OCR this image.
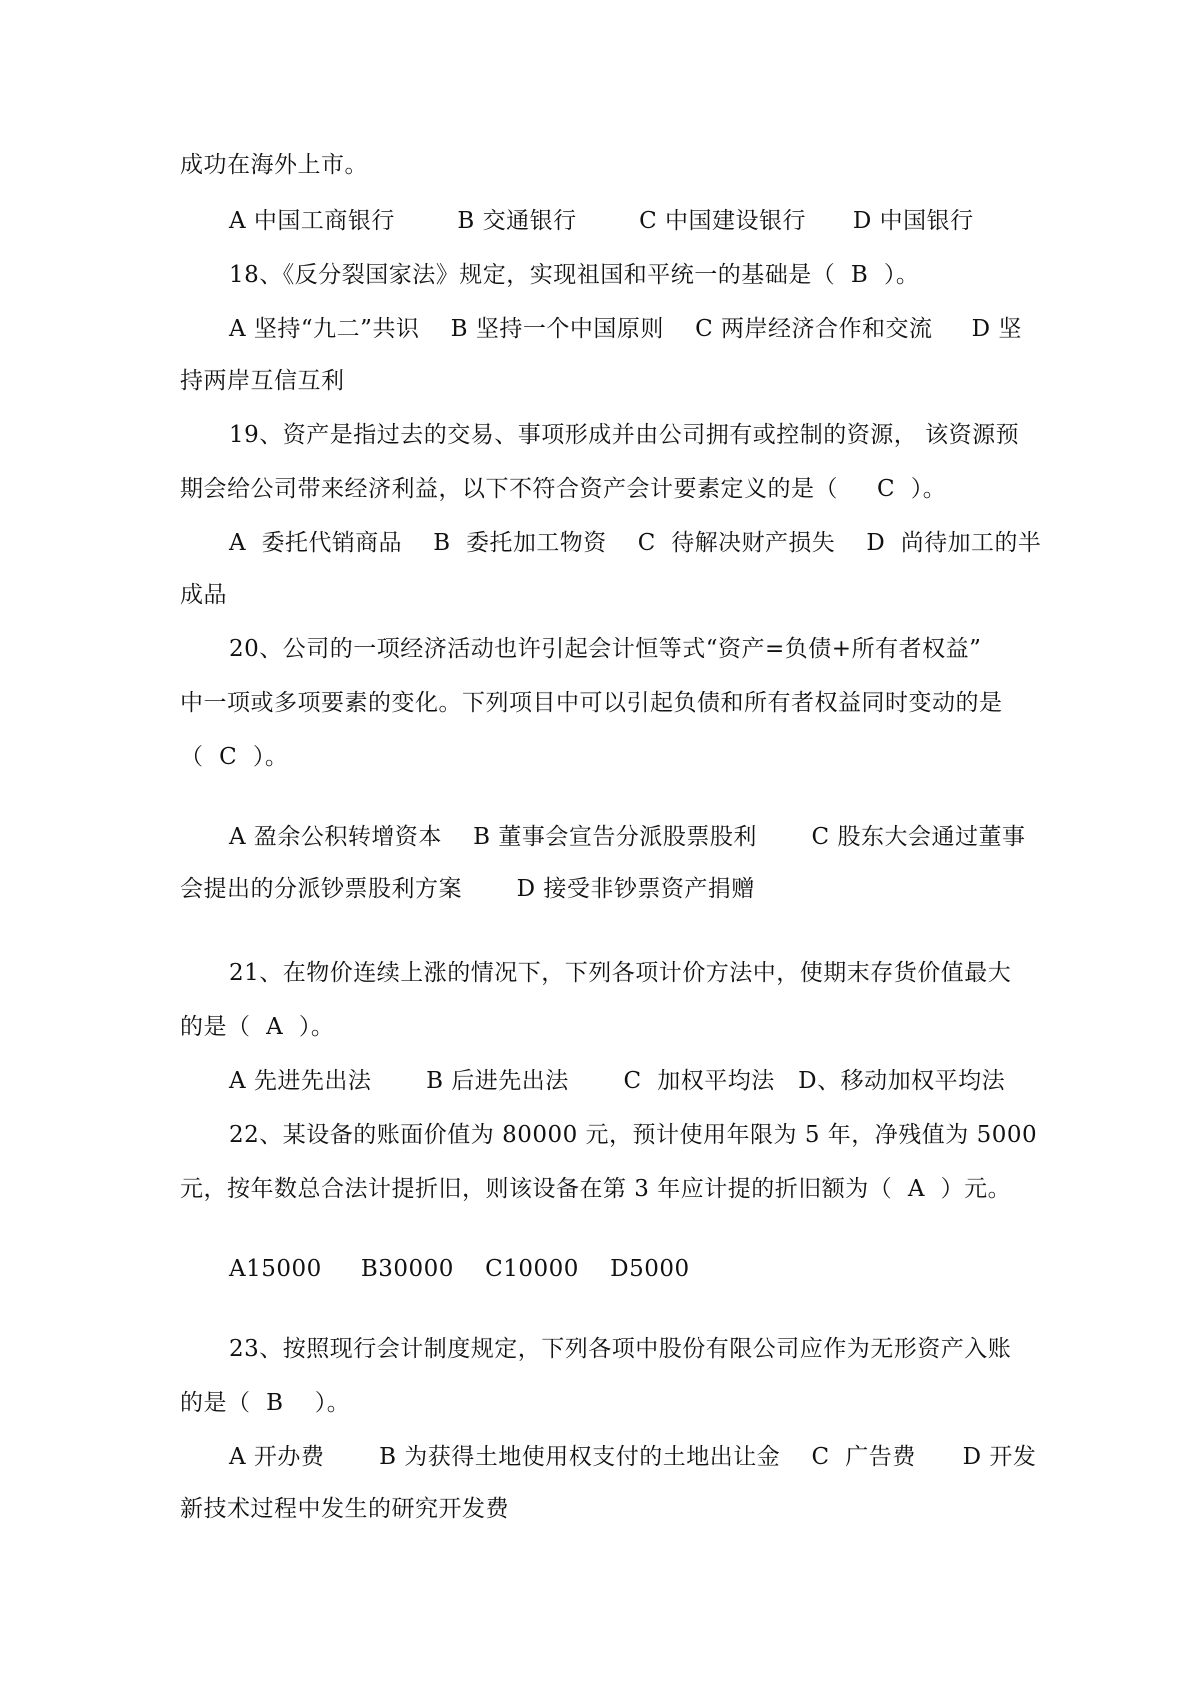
成功在海外上市。
A 中国工商银行        B 交通银行        C 中国建设银行      D 中国银行
18、《反分裂国家法》规定，实现祖国和平统一的基础是（  B  ）。
A 坚持“九二”共识    B 坚持一个中国原则    C 两岸经济合作和交流     D 坚
持两岸互信互利
19、资产是指过去的交易、事项形成并由公司拥有或控制的资源， 该资源预
期会给公司带来经济利益，以下不符合资产会计要素定义的是（     C  ）。
A  委托代销商品    B  委托加工物资    C  待解决财产损失    D  尚待加工的半
成品
20、公司的一项经济活动也许引起会计恒等式“资产=负债+所有者权益”
中一项或多项要素的变化。下列项目中可以引起负债和所有者权益同时变动的是
（  C  ）。
A 盈余公积转增资本    B 董事会宣告分派股票股利       C 股东大会通过董事
会提出的分派钞票股利方案       D 接受非钞票资产捐赠
21、在物价连续上涨的情况下，下列各项计价方法中，使期末存货价值最大
的是（  A  ）。
A 先进先出法       B 后进先出法       C  加权平均法   D、移动加权平均法
22、某设备的账面价值为 80000 元，预计使用年限为 5 年，净残值为 5000
元，按年数总合法计提折旧，则该设备在第 3 年应计提的折旧额为（  A  ）元。
A15000     B30000    C10000    D5000
23、按照现行会计制度规定，下列各项中股份有限公司应作为无形资产入账
的是（  B    ）。
A 开办费       B 为获得土地使用权支付的土地出让金    C  广告费      D 开发
新技术过程中发生的研究开发费
